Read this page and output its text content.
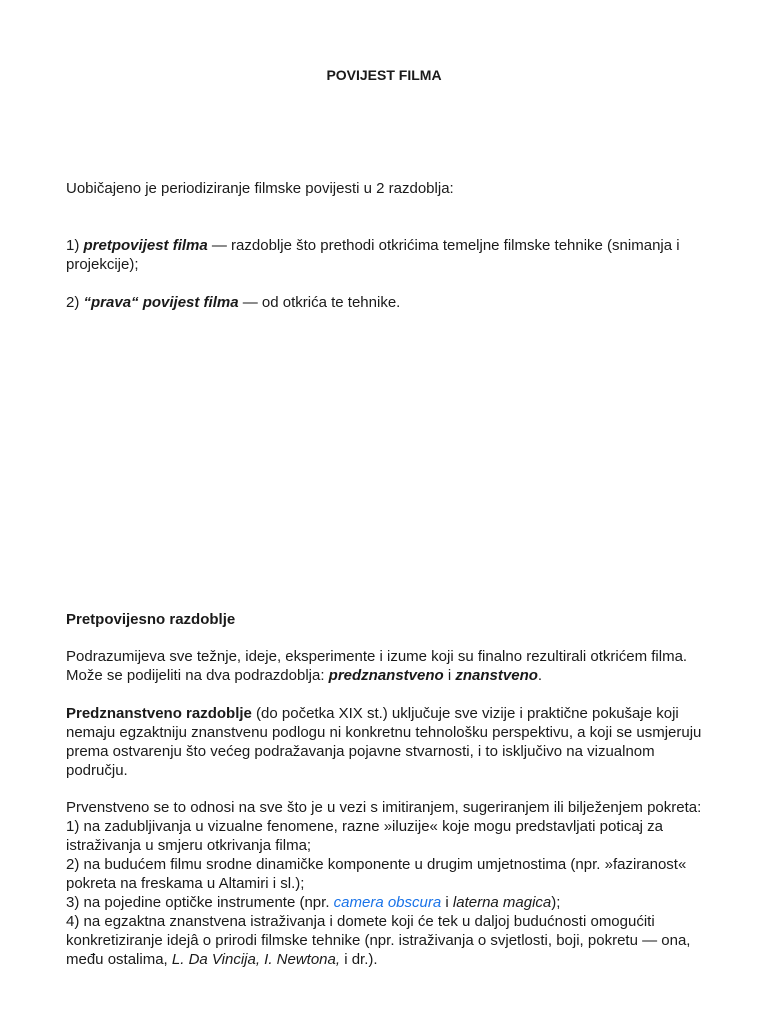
POVIJEST FILMA

Uobičajeno je periodiziranje filmske povijesti u 2 razdoblja:

1) pretpovijest filma — razdoblje što prethodi otkrićima temeljne filmske tehnike (snimanja i projekcije);

2) “prava“ povijest filma — od otkrića te tehnike.

Pretpovijesno razdoblje

Podrazumijeva sve težnje, ideje, eksperimente i izume koji su finalno rezultirali otkrićem filma. Može se podijeliti na dva podrazdoblja: predznanstveno i znanstveno.

Predznanstveno razdoblje (do početka XIX st.) uključuje sve vizije i praktične pokušaje koji nemaju egzaktniju znanstvenu podlogu ni konkretnu tehnološku perspektivu, a koji se usmjeruju prema ostvarenju što većeg podražavanja pojavne stvarnosti, i to isključivo na vizualnom području.

Prvenstveno se to odnosi na sve što je u vezi s imitiranjem, sugeriranjem ili bilježenjem pokreta:
1) na zadubljivanja u vizualne fenomene, razne »iluzije« koje mogu predstavljati poticaj za istraživanja u smjeru otkrivanja filma;
2) na budućem filmu srodne dinamičke komponente u drugim umjetnostima (npr. »faziranost« pokreta na freskama u Altamiri i sl.);
3) na pojedine optičke instrumente (npr. camera obscura i laterna magica);
4) na egzaktna znanstvena istraživanja i domete koji će tek u daljoj budućnosti omogućiti konkretiziranje idejâ o prirodi filmske tehnike (npr. istraživanja o svjetlosti, boji, pokretu — ona, među ostalima, L. Da Vincija, I. Newtona, i dr.).
